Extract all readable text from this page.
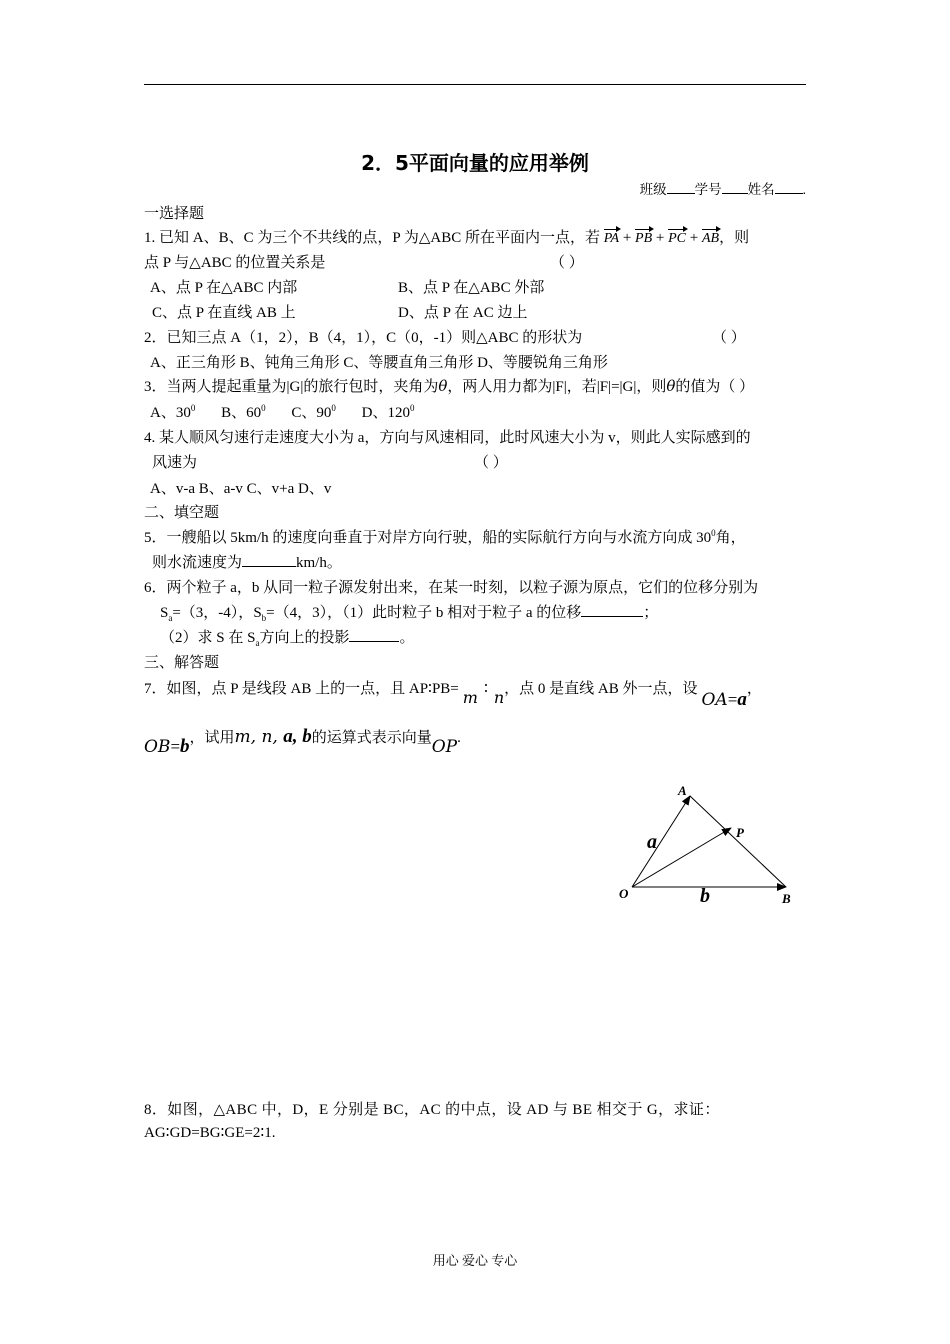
2．5平面向量的应用举例
班级 学号 姓名 .
一选择题
1. 已知 A、B、C 为三个不共线的点，P 为△ABC 所在平面内一点，若 PA + PB + PC + AB，则
点 P 与△ABC 的位置关系是	（ ）
A、点 P 在△ABC 内部	B、点 P 在△ABC 外部
C、点 P 在直线 AB 上	D、点 P 在 AC 边上
2．已知三点 A（1，2），B（4，1），C（0，-1）则△ABC 的形状为	（ ）
A、正三角形 B、钝角三角形 C、等腰直角三角形 D、等腰锐角三角形
3．当两人提起重量为|G|的旅行包时，夹角为θ，两人用力都为|F|，若|F|=|G|，则θ的值为（ ）
A、$30^0$ B、$60^0$ C、$90^0$ D、$120^0$
4. 某人顺风匀速行走速度大小为 a，方向与风速相同，此时风速大小为 v，则此人实际感到的
风速为	（ ）
A、v-a B、a-v C、v+a D、v
二、填空题
5．一艘船以 5km/h 的速度向垂直于对岸方向行驶，船的实际航行方向与水流方向成 $30^0$角，
则水流速度为	km/h。
6．两个粒子 a，b 从同一粒子源发射出来，在某一时刻，以粒子源为原点，它们的位移分别为
$S_a=(3$，-4），$S_b=(4$，3），（1）此时粒子 b 相对于粒子 a 的位移	；
（2）求 S 在 $S_a$方向上的投影	。
三、解答题
7．如图，点 P 是线段 AB 上的一点，且 AP∶PB= m ∶ n，点 0 是直线 AB 外一点，设OA=a，
OB=b，试用m, n, a, b的运算式表示向量OP.
A
P
O	B
a
b
8．如图，△ABC 中，D，E 分别是 BC，AC 的中点，设 AD 与 BE 相交于 G，求证：
AG∶GD=BG∶GE=2∶1.
用心 爱心 专心
